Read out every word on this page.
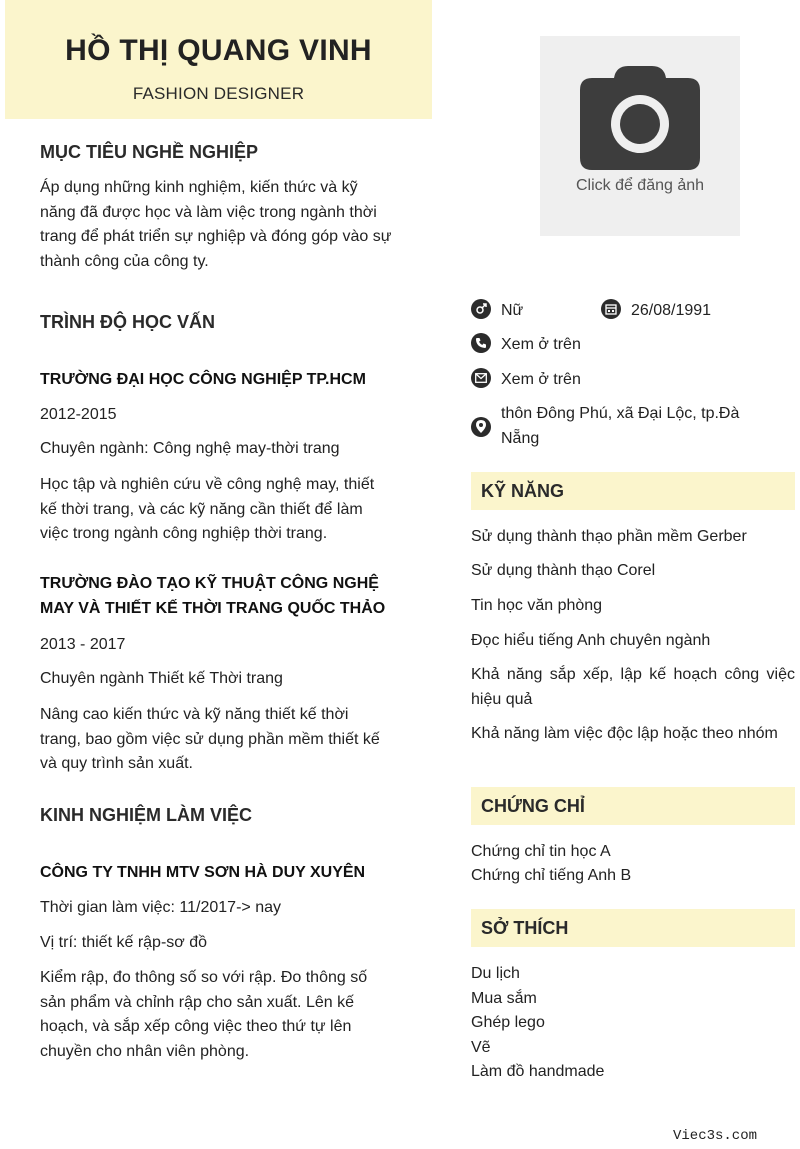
HỒ THỊ QUANG VINH
FASHION DESIGNER
MỤC TIÊU NGHỀ NGHIỆP
Áp dụng những kinh nghiệm, kiến thức và kỹ năng đã được học và làm việc trong ngành thời trang để phát triển sự nghiệp và đóng góp vào sự thành công của công ty.
TRÌNH ĐỘ HỌC VẤN
TRƯỜNG ĐẠI HỌC CÔNG NGHIỆP TP.HCM
2012-2015
Chuyên ngành: Công nghệ may-thời trang
Học tập và nghiên cứu về công nghệ may, thiết kế thời trang, và các kỹ năng cần thiết để làm việc trong ngành công nghiệp thời trang.
TRƯỜNG ĐÀO TẠO KỸ THUẬT CÔNG NGHỆ MAY VÀ THIẾT KẾ THỜI TRANG QUỐC THẢO
2013 - 2017
Chuyên ngành Thiết kế Thời trang
Nâng cao kiến thức và kỹ năng thiết kế thời trang, bao gồm việc sử dụng phần mềm thiết kế và quy trình sản xuất.
KINH NGHIỆM LÀM VIỆC
CÔNG TY TNHH MTV SƠN HÀ DUY XUYÊN
Thời gian làm việc: 11/2017-> nay
Vị trí: thiết kế rập-sơ đồ
Kiểm rập, đo thông số so với rập. Đo thông số sản phẩm và chỉnh rập cho sản xuất. Lên kế hoạch, và sắp xếp công việc theo thứ tự lên chuyền cho nhân viên phòng.
Click để đăng ảnh
Nữ	26/08/1991
Xem ở trên
Xem ở trên
thôn Đông Phú, xã Đại Lộc, tp.Đà Nẵng
KỸ NĂNG
Sử dụng thành thạo phần mềm Gerber
Sử dụng thành thạo Corel
Tin học văn phòng
Đọc hiểu tiếng Anh chuyên ngành
Khả năng sắp xếp, lập kế hoạch công việc hiệu quả
Khả năng làm việc độc lập hoặc theo nhóm
CHỨNG CHỈ
Chứng chỉ tin học A
Chứng chỉ tiếng Anh B
SỞ THÍCH
Du lịch
Mua sắm
Ghép lego
Vẽ
Làm đồ handmade
Viec3s.com
